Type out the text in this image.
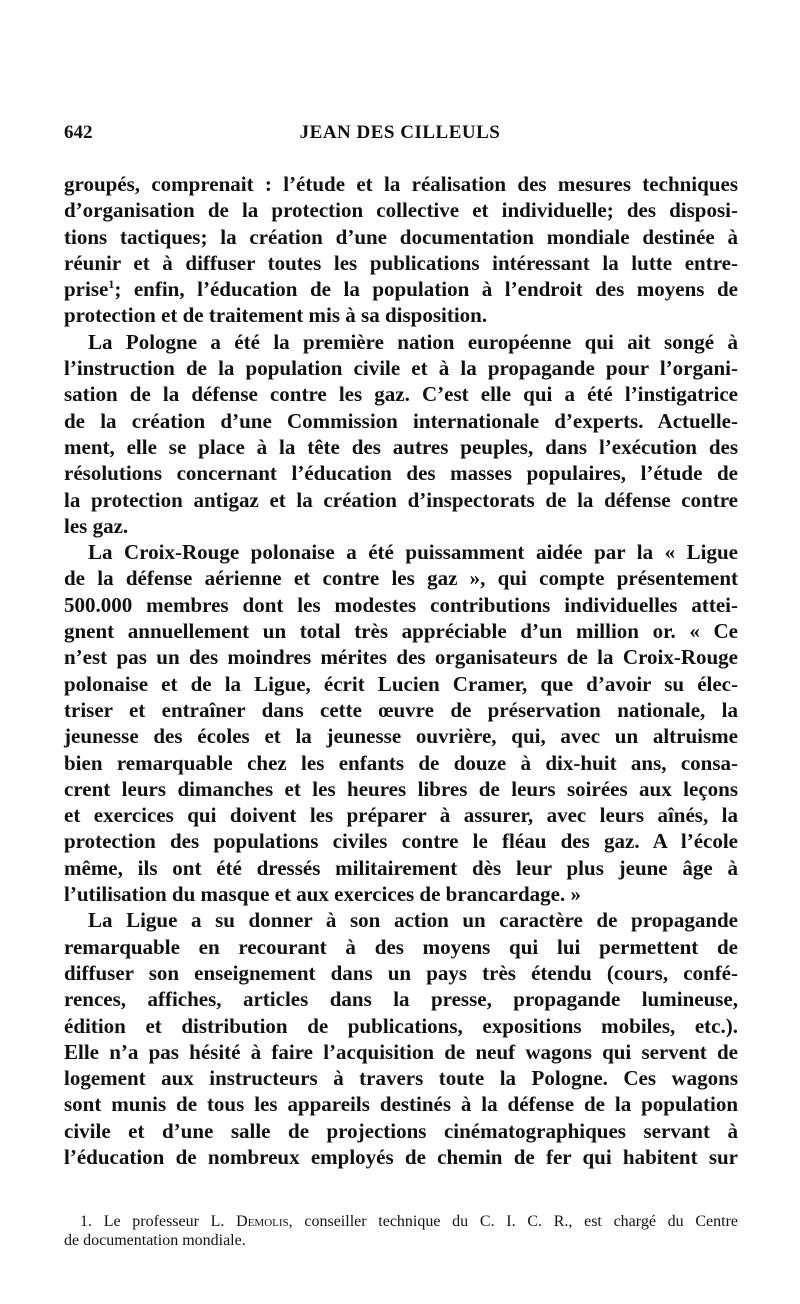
642	JEAN DES CILLEULS
groupés, comprenait : l’étude et la réalisation des mesures techniques
d’organisation de la protection collective et individuelle; des disposi-
tions tactiques; la création d’une documentation mondiale destinée à
réunir et à diffuser toutes les publications intéressant la lutte entre-
prise$^1$; enfin, l’éducation de la population à l’endroit des moyens de
protection et de traitement mis à sa disposition.
La Pologne a été la première nation européenne qui ait songé à
l’instruction de la population civile et à la propagande pour l’organi-
sation de la défense contre les gaz. C’est elle qui a été l’instigatrice
de la création d’une Commission internationale d’experts. Actuelle-
ment, elle se place à la tête des autres peuples, dans l’exécution des
résolutions concernant l’éducation des masses populaires, l’étude de
la protection antigaz et la création d’inspectorats de la défense contre
les gaz.
La Croix-Rouge polonaise a été puissamment aidée par la « Ligue
de la défense aérienne et contre les gaz », qui compte présentement
500.000 membres dont les modestes contributions individuelles attei-
gnent annuellement un total très appréciable d’un million or. « Ce
n’est pas un des moindres mérites des organisateurs de la Croix-Rouge
polonaise et de la Ligue, écrit Lucien Cramer, que d’avoir su élec-
triser et entraîner dans cette œuvre de préservation nationale, la
jeunesse des écoles et la jeunesse ouvrière, qui, avec un altruisme
bien remarquable chez les enfants de douze à dix-huit ans, consa-
crent leurs dimanches et les heures libres de leurs soirées aux leçons
et exercices qui doivent les préparer à assurer, avec leurs aînés, la
protection des populations civiles contre le fléau des gaz. A l’école
même, ils ont été dressés militairement dès leur plus jeune âge à
l’utilisation du masque et aux exercices de brancardage. »
La Ligue a su donner à son action un caractère de propagande
remarquable en recourant à des moyens qui lui permettent de
diffuser son enseignement dans un pays très étendu (cours, confé-
rences, affiches, articles dans la presse, propagande lumineuse,
édition et distribution de publications, expositions mobiles, etc.).
Elle n’a pas hésité à faire l’acquisition de neuf wagons qui servent de
logement aux instructeurs à travers toute la Pologne. Ces wagons
sont munis de tous les appareils destinés à la défense de la population
civile et d’une salle de projections cinématographiques servant à
l’éducation de nombreux employés de chemin de fer qui habitent sur
1. Le professeur L. Demolis, conseiller technique du C. I. C. R., est chargé du Centre
de documentation mondiale.
